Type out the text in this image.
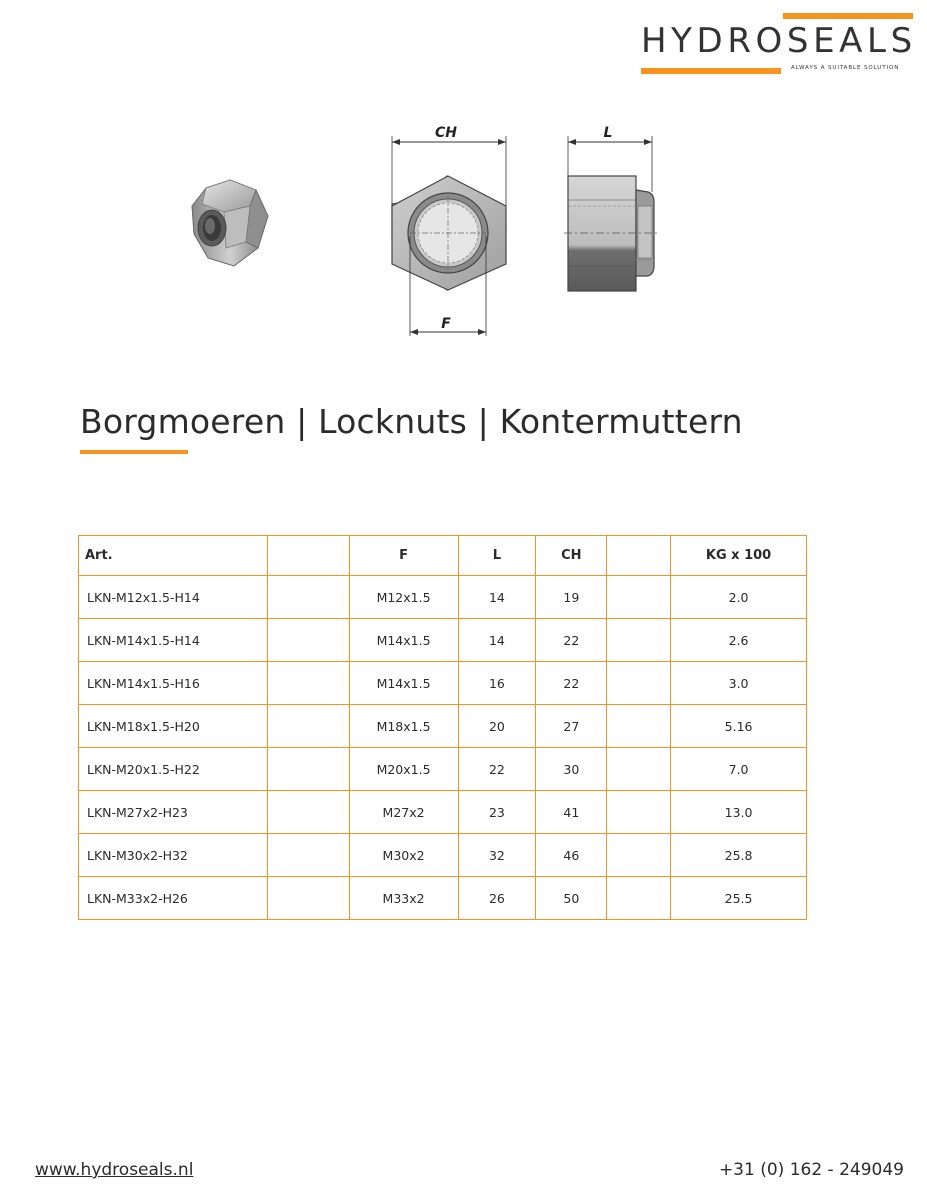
HYDROSEALS
ALWAYS A SUITABLE SOLUTION
CH
F
L
Borgmoeren | Locknuts | Kontermuttern
Art.		F	L	CH		KG x 100
LKN-M12x1.5-H14		M12x1.5	14	19		2.0
LKN-M14x1.5-H14		M14x1.5	14	22		2.6
LKN-M14x1.5-H16		M14x1.5	16	22		3.0
LKN-M18x1.5-H20		M18x1.5	20	27		5.16
LKN-M20x1.5-H22		M20x1.5	22	30		7.0
LKN-M27x2-H23		M27x2	23	41		13.0
LKN-M30x2-H32		M30x2	32	46		25.8
LKN-M33x2-H26		M33x2	26	50		25.5
www.hydroseals.nl	+31 (0) 162 - 249049
